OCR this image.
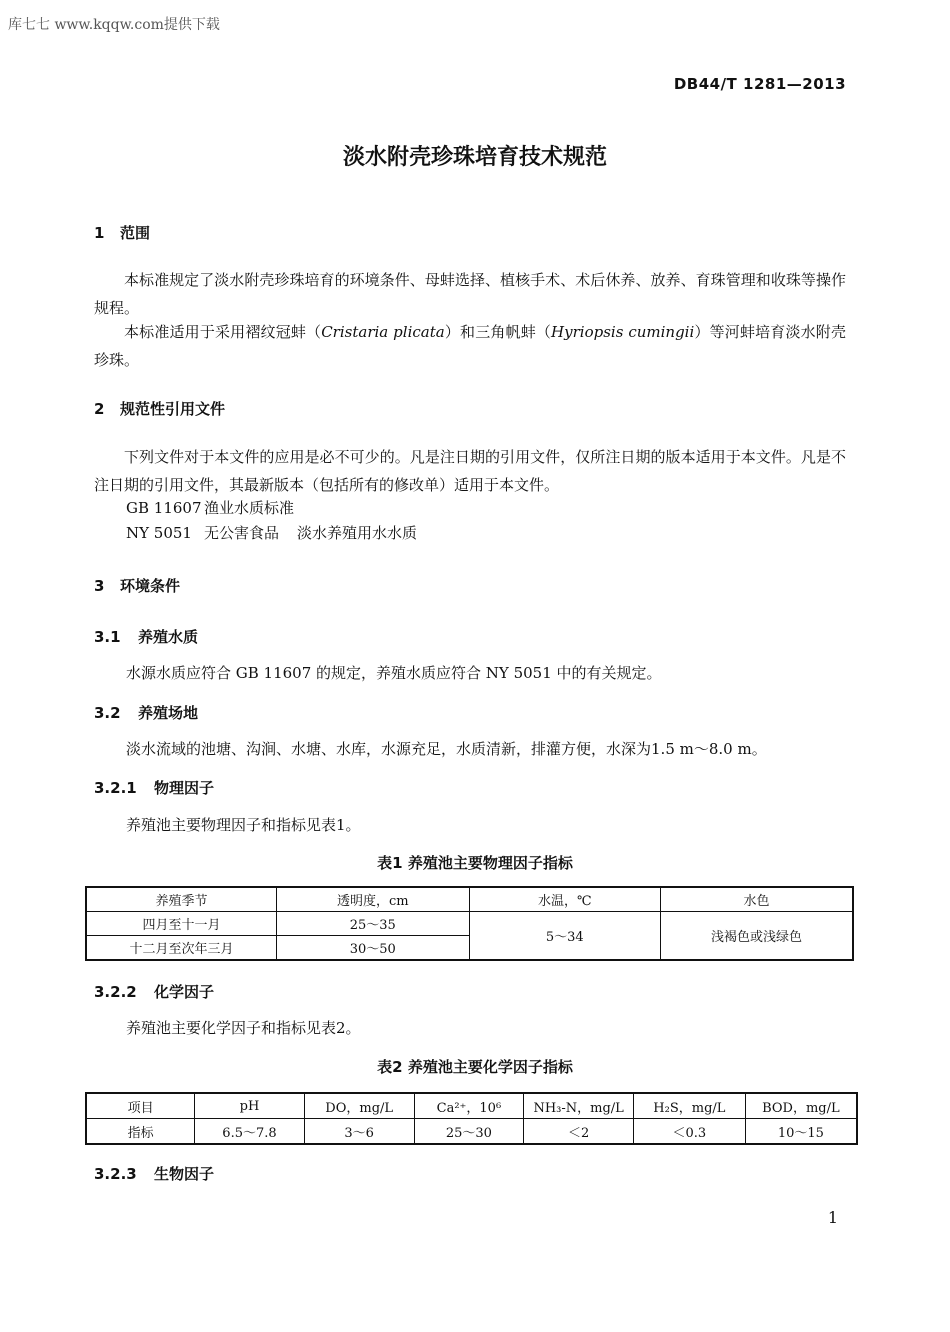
库七七 www.kqqw.com提供下载
DB44/T 1281—2013
淡水附壳珍珠培育技术规范
1 范围
本标准规定了淡水附壳珍珠培育的环境条件、母蚌选择、植核手术、术后休养、放养、育珠管理和收珠等操作规程。
本标准适用于采用褶纹冠蚌（Cristaria plicata）和三角帆蚌（Hyriopsis cumingii）等河蚌培育淡水附壳珍珠。
2 规范性引用文件
下列文件对于本文件的应用是必不可少的。凡是注日期的引用文件，仅所注日期的版本适用于本文件。凡是不注日期的引用文件，其最新版本（包括所有的修改单）适用于本文件。
GB 11607 渔业水质标准
NY 5051 无公害食品 淡水养殖用水水质
3 环境条件
3.1 养殖水质
水源水质应符合 GB 11607 的规定，养殖水质应符合 NY 5051 中的有关规定。
3.2 养殖场地
淡水流域的池塘、沟涧、水塘、水库，水源充足，水质清新，排灌方便，水深为1.5 m～8.0 m。
3.2.1 物理因子
养殖池主要物理因子和指标见表1。
表1 养殖池主要物理因子指标
养殖季节	透明度，cm	水温，℃	水色
四月至十一月	25～35	5～34	浅褐色或浅绿色
十二月至次年三月	30～50		
3.2.2 化学因子
养殖池主要化学因子和指标见表2。
表2 养殖池主要化学因子指标
项目	pH	DO，mg/L	Ca²⁺，10⁶	NH₃-N，mg/L	H₂S，mg/L	BOD，mg/L
指标	6.5～7.8	3～6	25～30	＜2	＜0.3	10～15
3.2.3 生物因子
1
